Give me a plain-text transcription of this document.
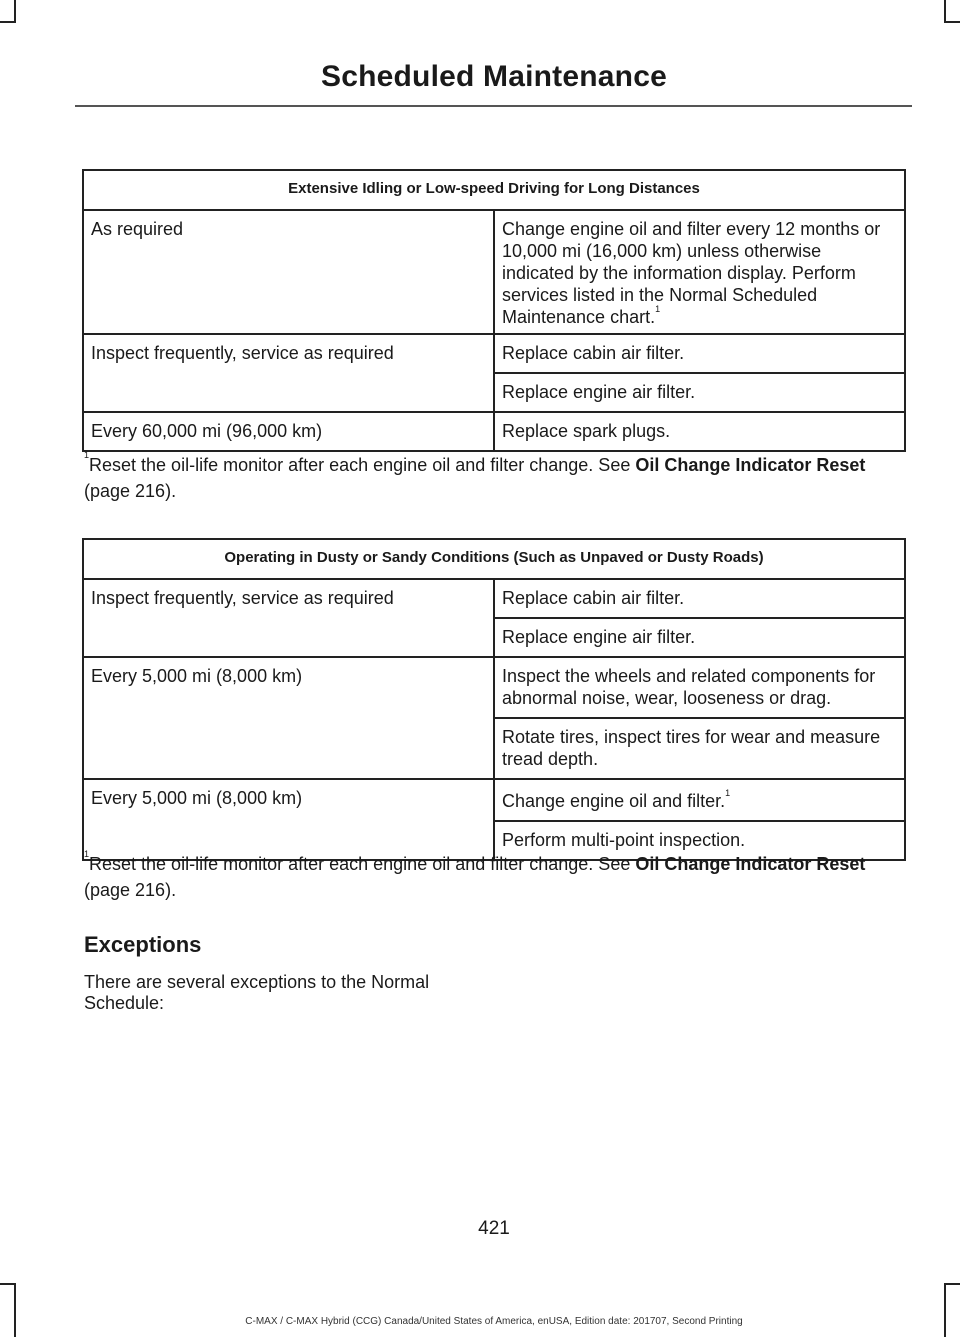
Scheduled Maintenance
Extensive Idling or Low-speed Driving for Long Distances	
As required	Change engine oil and filter every 12 months or 10,000 mi (16,000 km) unless otherwise indicated by the information display. Perform services listed in the Normal Scheduled Maintenance chart.$^1$
Inspect frequently, service as required	Replace cabin air filter.
	Replace engine air filter.
Every 60,000 mi (96,000 km)	Replace spark plugs.
$^1$Reset the oil-life monitor after each engine oil and filter change. See Oil Change Indicator Reset (page 216).
Operating in Dusty or Sandy Conditions (Such as Unpaved or Dusty Roads)	
Inspect frequently, service as required	Replace cabin air filter.
	Replace engine air filter.
Every 5,000 mi (8,000 km)	Inspect the wheels and related components for abnormal noise, wear, looseness or drag.
	Rotate tires, inspect tires for wear and measure tread depth.
Every 5,000 mi (8,000 km)	Change engine oil and filter.$^1$
	Perform multi-point inspection.
$^1$Reset the oil-life monitor after each engine oil and filter change. See Oil Change Indicator Reset (page 216).
Exceptions
There are several exceptions to the Normal Schedule:
421
C-MAX / C-MAX Hybrid (CCG) Canada/United States of America, enUSA, Edition date: 201707, Second Printing
